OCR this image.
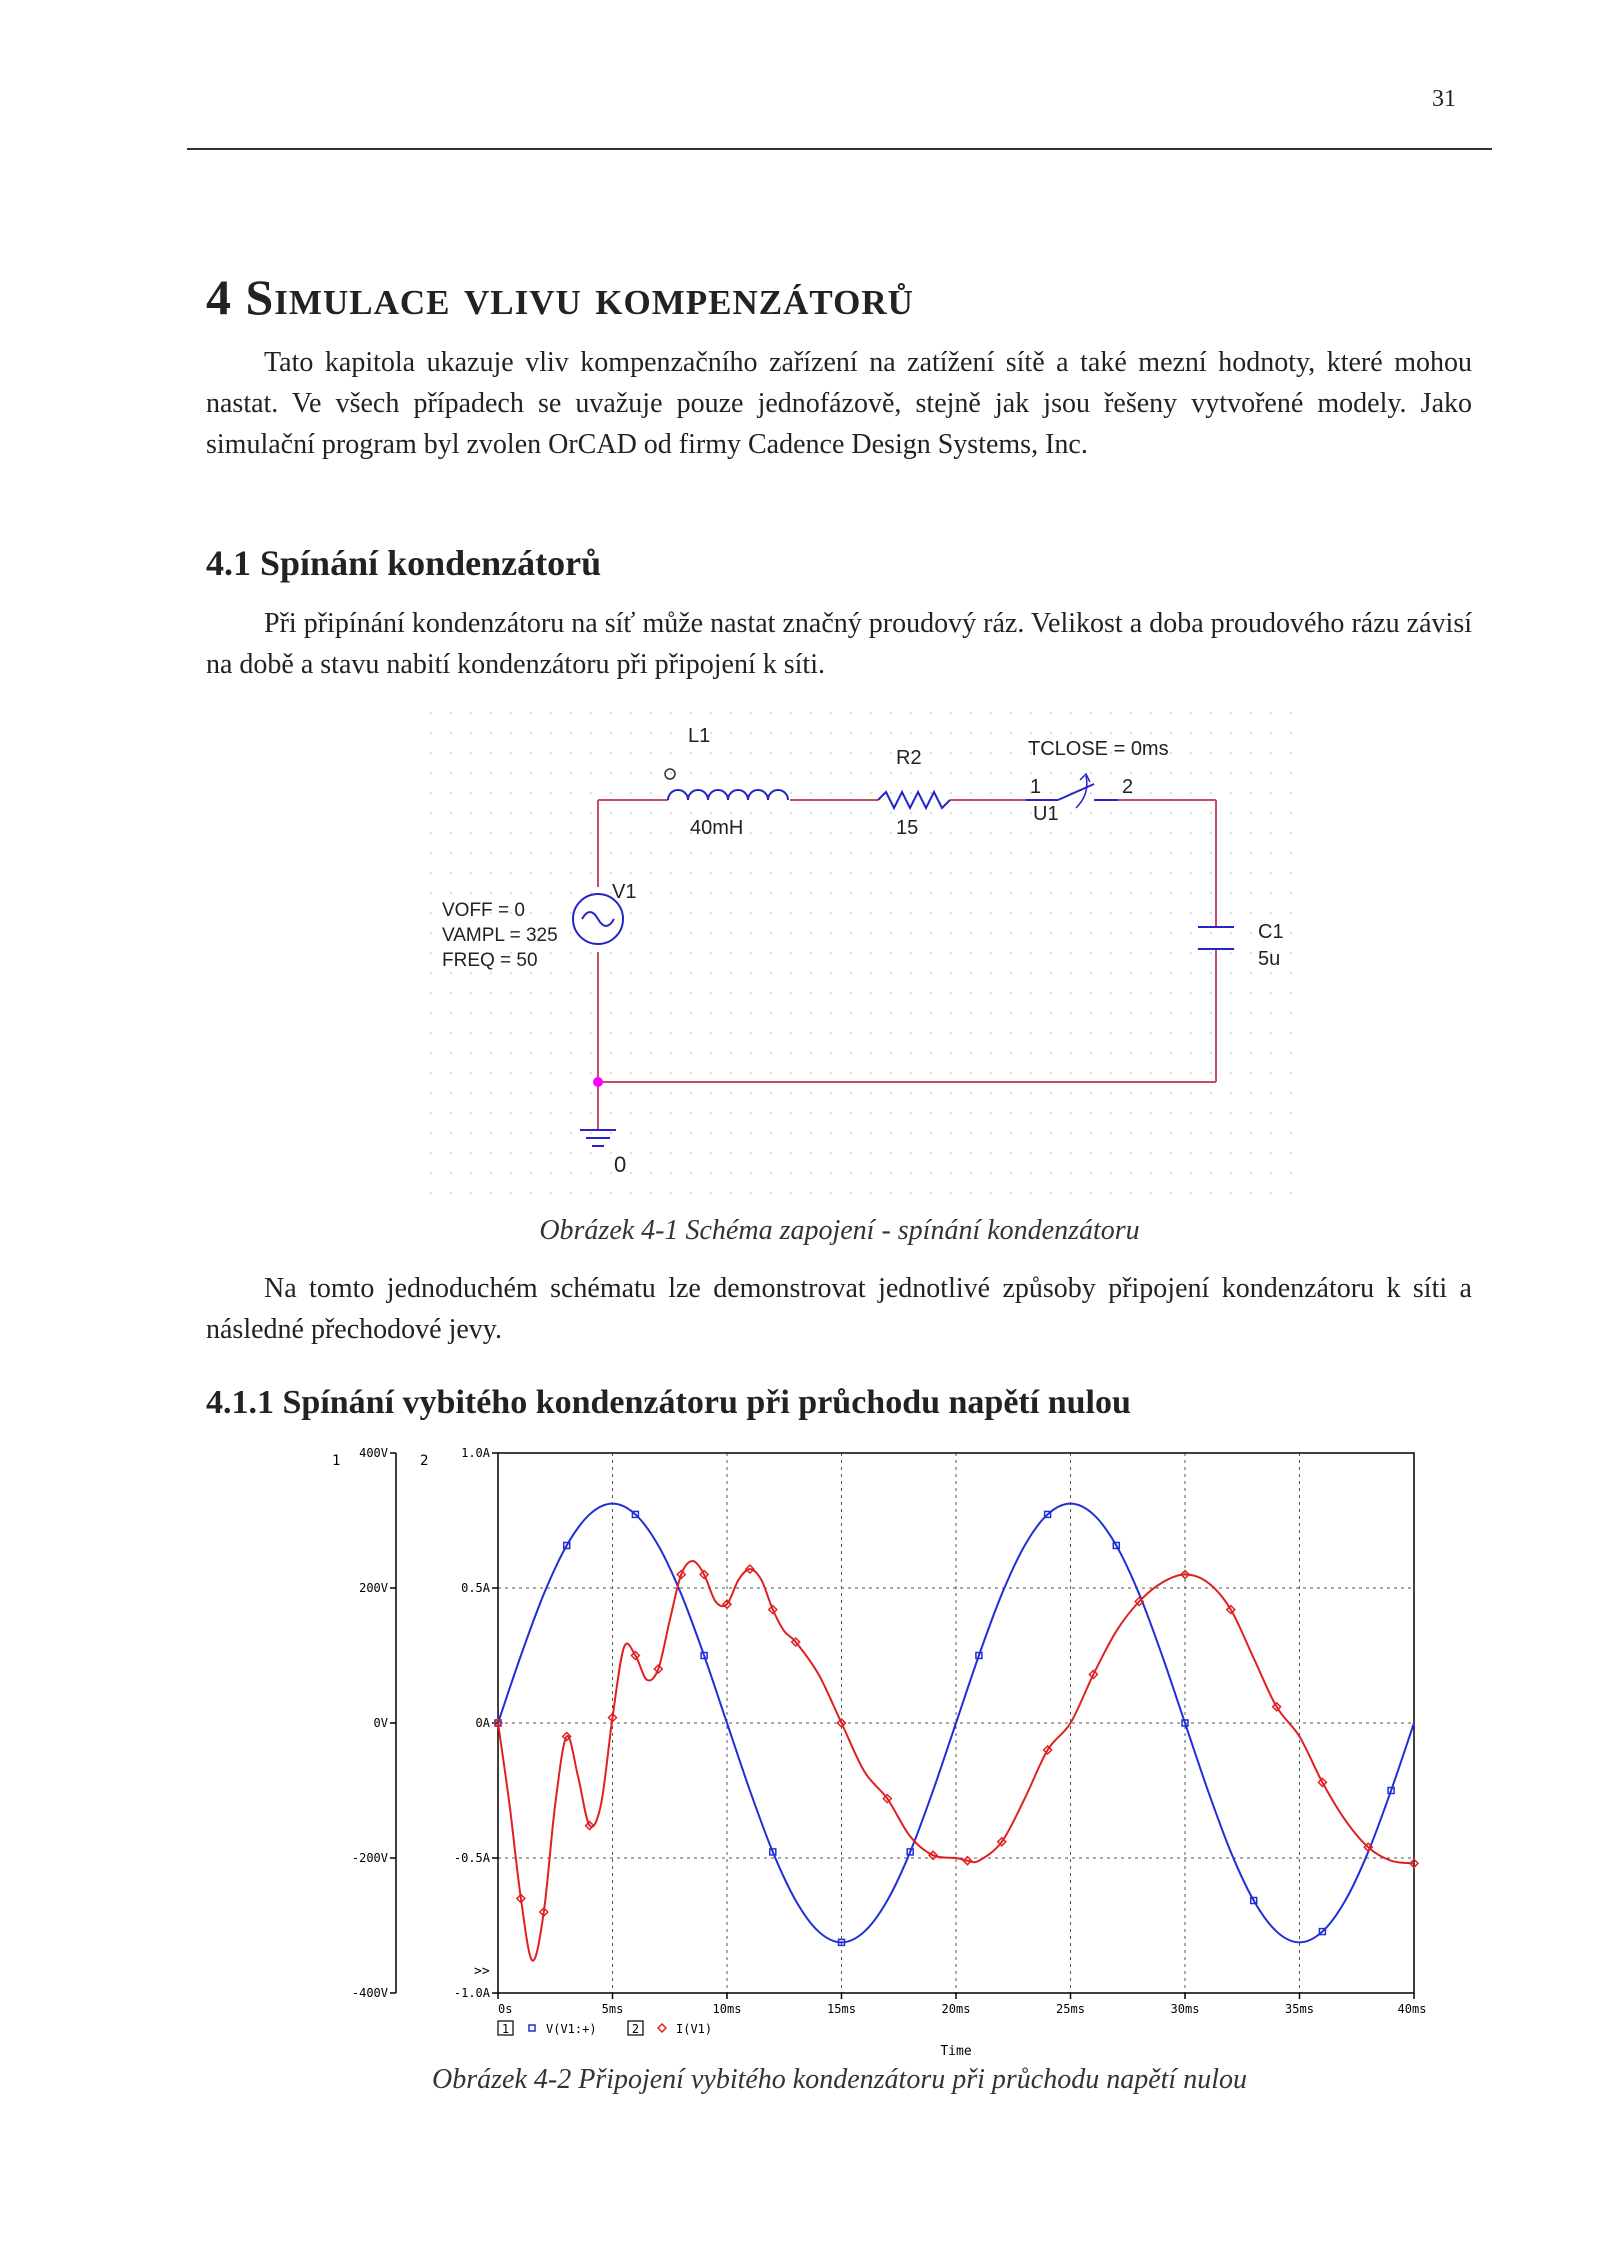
31
4 Simulace vlivu kompenzátorů

Tato kapitola ukazuje vliv kompenzačního zařízení na zatížení sítě a také mezní hodnoty, které mohou nastat. Ve všech případech se uvažuje pouze jednofázově, stejně jak jsou řešeny vytvořené modely. Jako simulační program byl zvolen OrCAD od firmy Cadence Design Systems, Inc.

4.1 Spínání kondenzátorů

Při připínání kondenzátoru na síť může nastat značný proudový ráz. Velikost a doba proudového rázu závisí na době a stavu nabití kondenzátoru při připojení k síti.

L1
40mH
R2
15
TCLOSE = 0ms
1	2
U1
V1
VOFF = 0
VAMPL = 325
FREQ = 50
C1
5u
0

Obrázek 4-1 Schéma zapojení - spínání kondenzátoru

Na tomto jednoduchém schématu lze demonstrovat jednotlivé způsoby připojení kondenzátoru k síti a následné přechodové jevy.

4.1.1 Spínání vybitého kondenzátoru při průchodu napětí nulou
1 400V
200V
0V
-200V
-400V
2	1.0A
0.5A
0A
-0.5A
-1.0A
>>
0s	5ms	10ms	15ms	20ms	25ms	30ms	35ms	40ms
Time
1	V(V1:+)	2	I(V1)

Obrázek 4-2 Připojení vybitého kondenzátoru při průchodu napětí nulou
